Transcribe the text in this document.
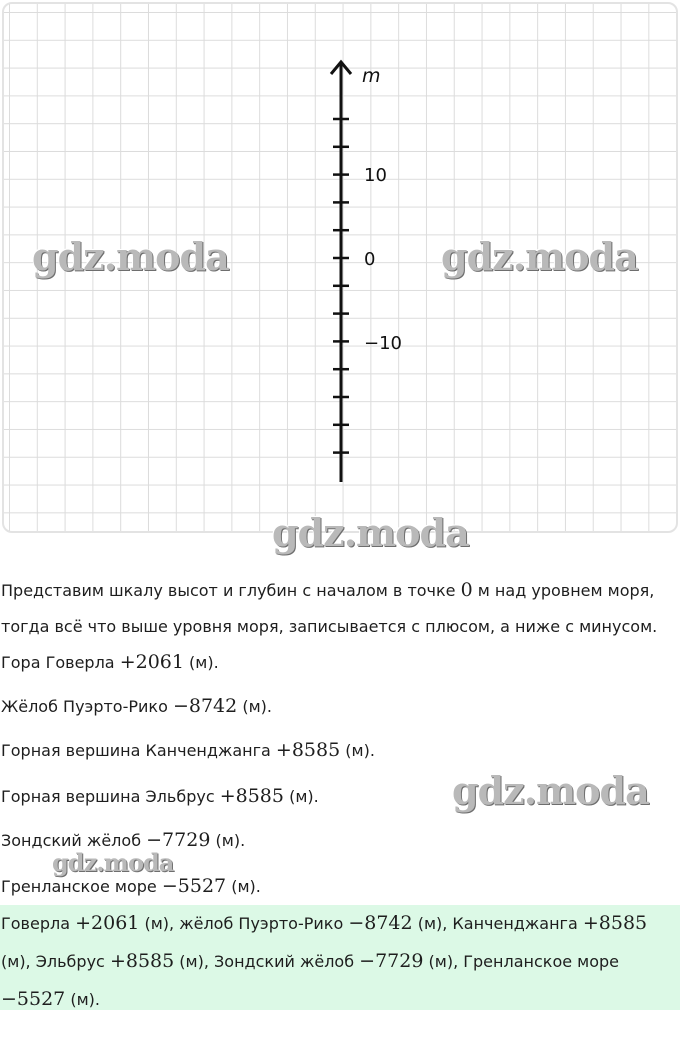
m
10
0
−10
gdz.moda	gdz.moda
gdz.moda
gdz.moda
gdz.moda
Представим шкалу высот и глубин с началом в точке 0 м над уровнем моря,
тогда всё что выше уровня моря, записывается с плюсом, а ниже с минусом.
Гора Говерла +2061 (м).
Жёлоб Пуэрто-Рико −8742 (м).
Горная вершина Канченджанга +8585 (м).
Горная вершина Эльбрус +8585 (м).
Зондский жёлоб −7729 (м).
Гренланское море −5527 (м).
Говерла +2061 (м), жёлоб Пуэрто-Рико −8742 (м), Канченджанга +8585
(м), Эльбрус +8585 (м), Зондский жёлоб −7729 (м), Гренланское море
−5527 (м).
